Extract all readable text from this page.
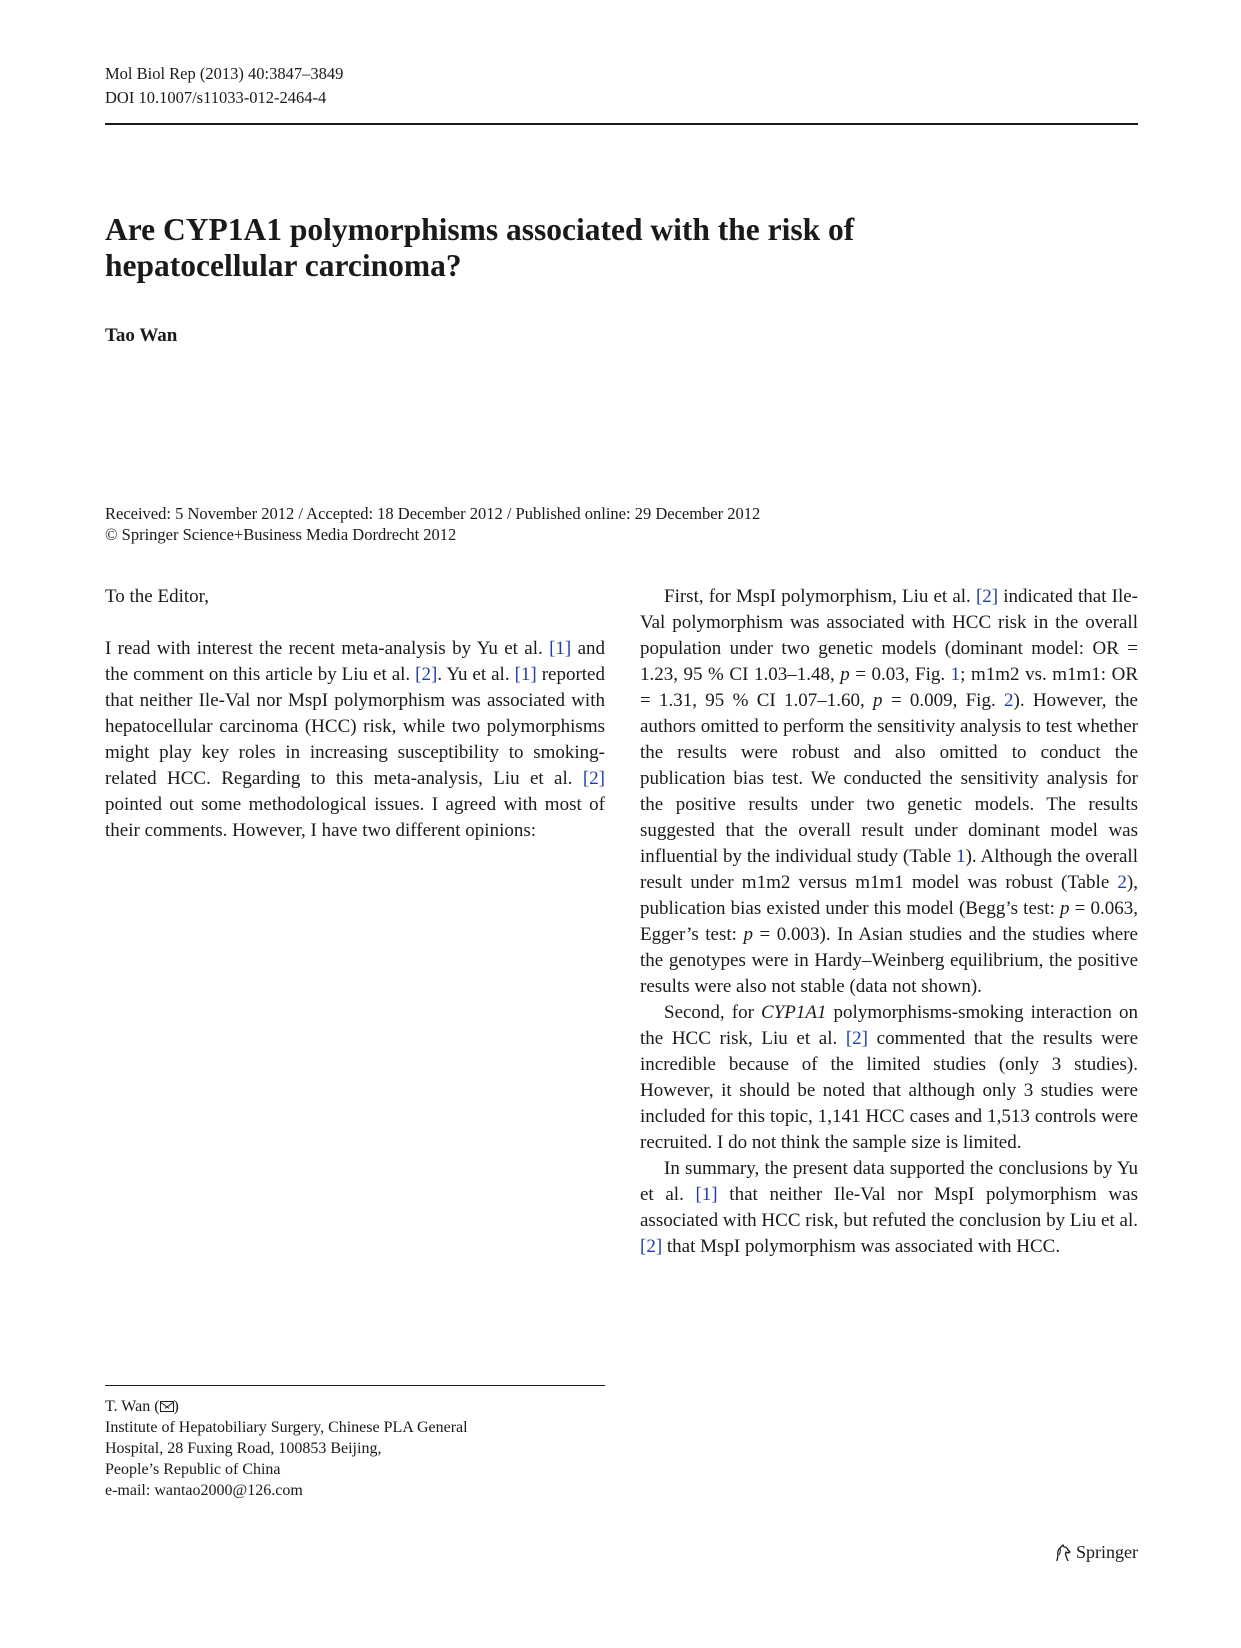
Mol Biol Rep (2013) 40:3847–3849
DOI 10.1007/s11033-012-2464-4
Are CYP1A1 polymorphisms associated with the risk of hepatocellular carcinoma?
Tao Wan
Received: 5 November 2012 / Accepted: 18 December 2012 / Published online: 29 December 2012
© Springer Science+Business Media Dordrecht 2012

To the Editor,

I read with interest the recent meta-analysis by Yu et al. [1] and the comment on this article by Liu et al. [2]. Yu et al. [1] reported that neither Ile-Val nor MspI polymorphism was associated with hepatocellular carcinoma (HCC) risk, while two polymorphisms might play key roles in increasing susceptibility to smoking-related HCC. Regarding to this meta-analysis, Liu et al. [2] pointed out some methodological issues. I agreed with most of their comments. However, I have two different opinions:

First, for MspI polymorphism, Liu et al. [2] indicated that Ile-Val polymorphism was associated with HCC risk in the overall population under two genetic models (dominant model: OR = 1.23, 95 % CI 1.03–1.48, p = 0.03, Fig. 1; m1m2 vs. m1m1: OR = 1.31, 95 % CI 1.07–1.60, p = 0.009, Fig. 2). However, the authors omitted to perform the sensitivity analysis to test whether the results were robust and also omitted to conduct the publication bias test. We conducted the sensitivity analysis for the positive results under two genetic models. The results suggested that the overall result under dominant model was influential by the individual study (Table 1). Although the overall result under m1m2 versus m1m1 model was robust (Table 2), publication bias existed under this model (Begg’s test: p = 0.063, Egger’s test: p = 0.003). In Asian studies and the studies where the genotypes were in Hardy–Weinberg equilibrium, the positive results were also not stable (data not shown).

Second, for CYP1A1 polymorphisms-smoking interaction on the HCC risk, Liu et al. [2] commented that the results were incredible because of the limited studies (only 3 studies). However, it should be noted that although only 3 studies were included for this topic, 1,141 HCC cases and 1,513 controls were recruited. I do not think the sample size is limited.

In summary, the present data supported the conclusions by Yu et al. [1] that neither Ile-Val nor MspI polymorphism was associated with HCC risk, but refuted the conclusion by Liu et al. [2] that MspI polymorphism was associated with HCC.

T. Wan ( )
Institute of Hepatobiliary Surgery, Chinese PLA General
Hospital, 28 Fuxing Road, 100853 Beijing,
People’s Republic of China
e-mail: wantao2000@126.com
Springer
